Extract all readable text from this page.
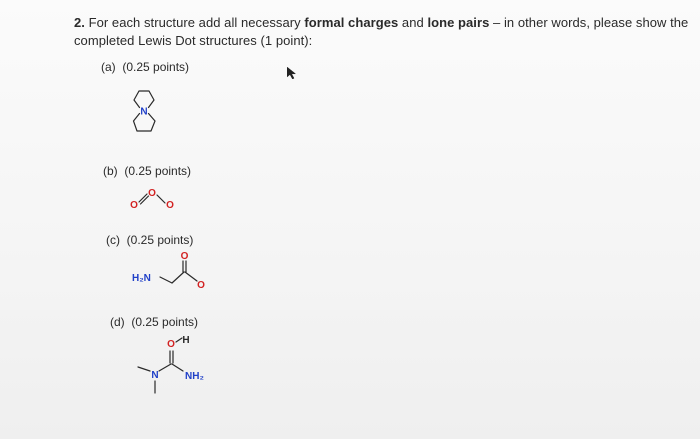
2. For each structure add all necessary formal charges and lone pairs – in other words, please show the completed Lewis Dot structures (1 point):
(a) (0.25 points)
N
(b) (0.25 points)
O
O
O
(c) (0.25 points)
H₂N
O
O
(d) (0.25 points)
O H
N	NH₂
